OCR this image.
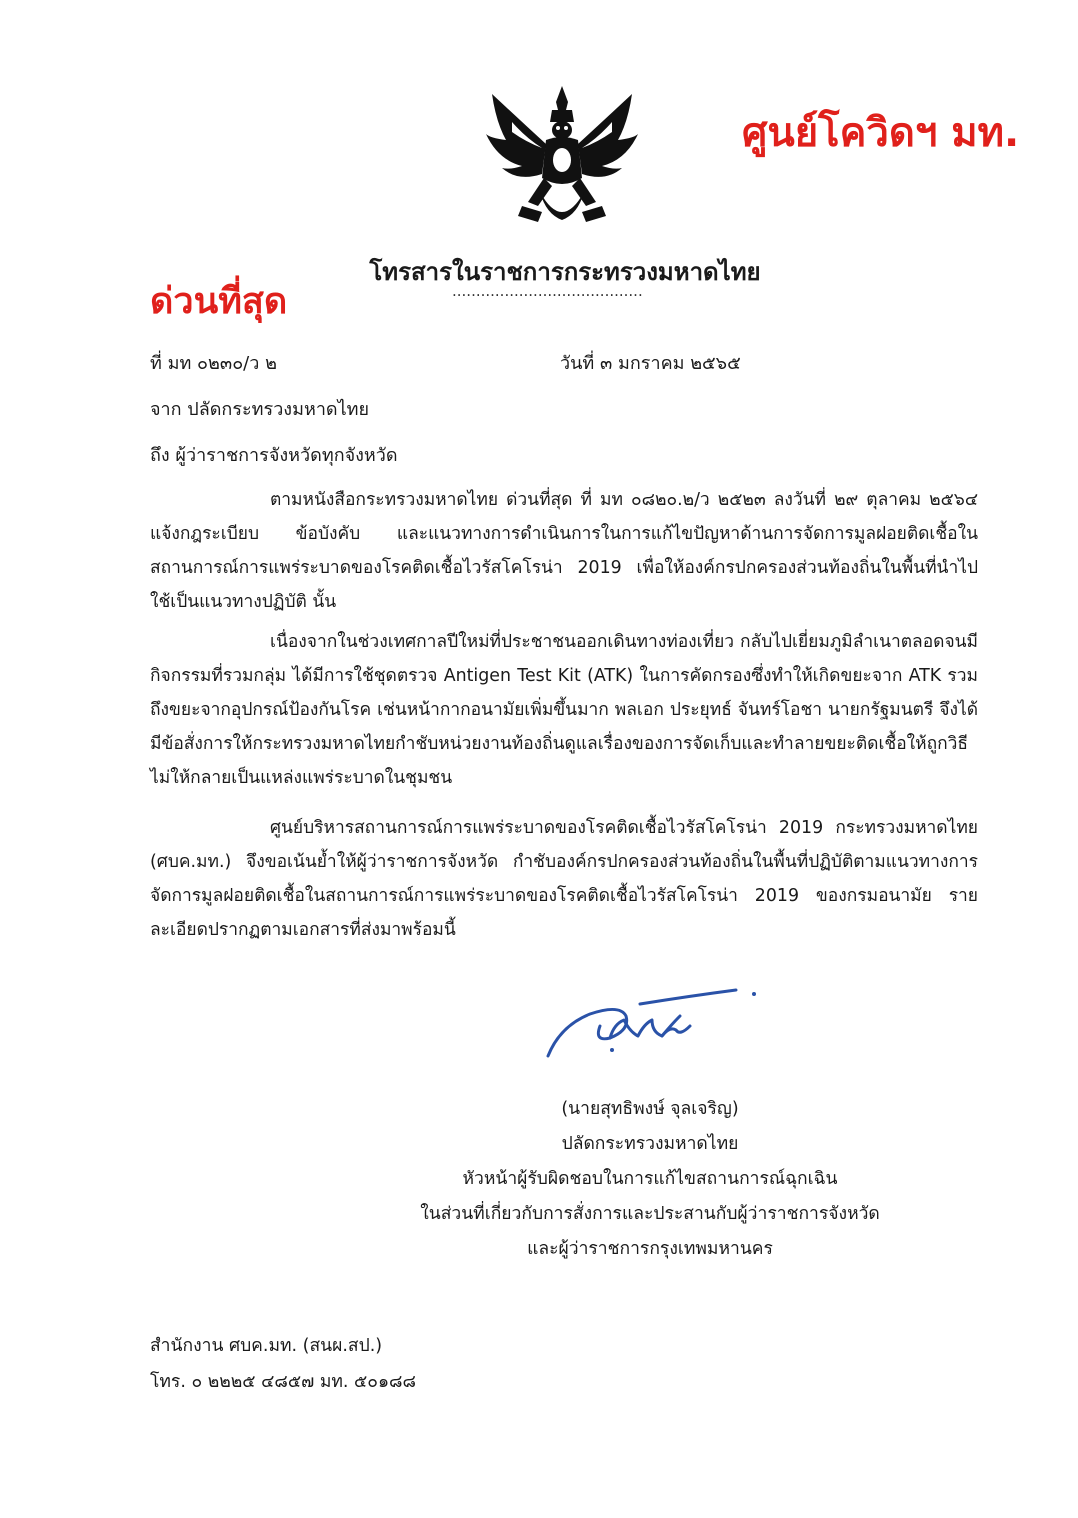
ศูนย์โควิดฯ มท.
โทรสารในราชการกระทรวงมหาดไทย
........................................
ด่วนที่สุด
ที่ มท ๐๒๓๐/ว ๒	วันที่ ๓ มกราคม ๒๕๖๕
จาก ปลัดกระทรวงมหาดไทย
ถึง ผู้ว่าราชการจังหวัดทุกจังหวัด

ตามหนังสือกระทรวงมหาดไทย ด่วนที่สุด ที่ มท ๐๘๒๐.๒/ว ๒๕๒๓ ลงวันที่ ๒๙ ตุลาคม ๒๕๖๔ แจ้งกฎระเบียบ ข้อบังคับ และแนวทางการดำเนินการในการแก้ไขปัญหาด้านการจัดการมูลฝอยติดเชื้อในสถานการณ์การแพร่ระบาดของโรคติดเชื้อไวรัสโคโรน่า 2019 เพื่อให้องค์กรปกครองส่วนท้องถิ่นในพื้นที่นำไปใช้เป็นแนวทางปฏิบัติ นั้น

เนื่องจากในช่วงเทศกาลปีใหม่ที่ประชาชนออกเดินทางท่องเที่ยว กลับไปเยี่ยมภูมิลำเนาตลอดจนมีกิจกรรมที่รวมกลุ่ม ได้มีการใช้ชุดตรวจ Antigen Test Kit (ATK) ในการคัดกรองซึ่งทำให้เกิดขยะจาก ATK รวมถึงขยะจากอุปกรณ์ป้องกันโรค เช่นหน้ากากอนามัยเพิ่มขึ้นมาก พลเอก ประยุทธ์ จันทร์โอชา นายกรัฐมนตรี จึงได้มีข้อสั่งการให้กระทรวงมหาดไทยกำชับหน่วยงานท้องถิ่นดูแลเรื่องของการจัดเก็บและทำลายขยะติดเชื้อให้ถูกวิธี ไม่ให้กลายเป็นแหล่งแพร่ระบาดในชุมชน

ศูนย์บริหารสถานการณ์การแพร่ระบาดของโรคติดเชื้อไวรัสโคโรน่า 2019 กระทรวงมหาดไทย (ศบค.มท.) จึงขอเน้นย้ำให้ผู้ว่าราชการจังหวัด กำชับองค์กรปกครองส่วนท้องถิ่นในพื้นที่ปฏิบัติตามแนวทางการจัดการมูลฝอยติดเชื้อในสถานการณ์การแพร่ระบาดของโรคติดเชื้อไวรัสโคโรน่า 2019 ของกรมอนามัย รายละเอียดปรากฏตามเอกสารที่ส่งมาพร้อมนี้

(นายสุทธิพงษ์ จุลเจริญ)
ปลัดกระทรวงมหาดไทย
หัวหน้าผู้รับผิดชอบในการแก้ไขสถานการณ์ฉุกเฉิน
ในส่วนที่เกี่ยวกับการสั่งการและประสานกับผู้ว่าราชการจังหวัด
และผู้ว่าราชการกรุงเทพมหานคร
สำนักงาน ศบค.มท. (สนผ.สป.)
โทร. ๐ ๒๒๒๕ ๔๘๕๗ มท. ๕๐๑๘๘
